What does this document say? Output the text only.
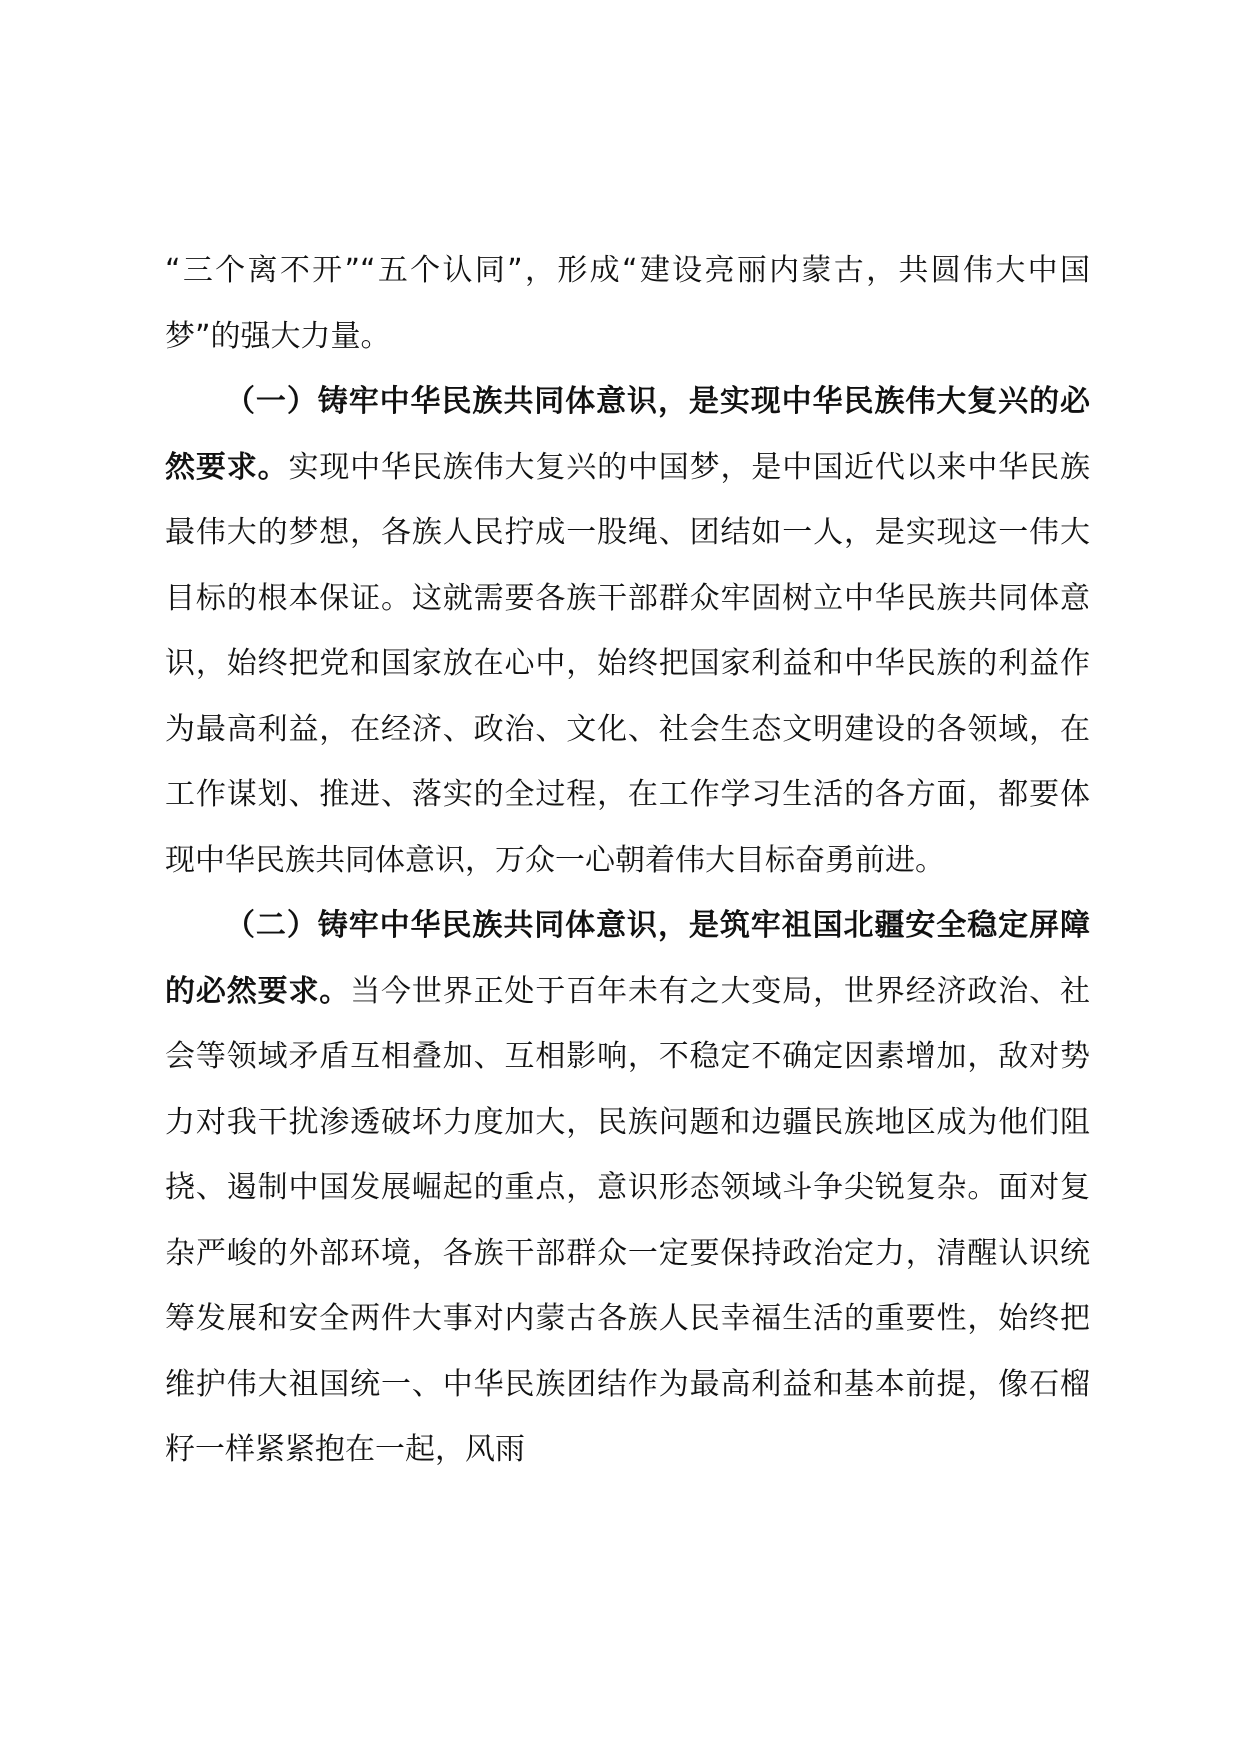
“三个离不开”“五个认同”，形成“建设亮丽内蒙古，共圆伟大中国梦”的强大力量。

（一）铸牢中华民族共同体意识，是实现中华民族伟大复兴的必然要求。实现中华民族伟大复兴的中国梦，是中国近代以来中华民族最伟大的梦想，各族人民拧成一股绳、团结如一人，是实现这一伟大目标的根本保证。这就需要各族干部群众牢固树立中华民族共同体意识，始终把党和国家放在心中，始终把国家利益和中华民族的利益作为最高利益，在经济、政治、文化、社会生态文明建设的各领域，在工作谋划、推进、落实的全过程，在工作学习生活的各方面，都要体现中华民族共同体意识，万众一心朝着伟大目标奋勇前进。

（二）铸牢中华民族共同体意识，是筑牢祖国北疆安全稳定屏障的必然要求。当今世界正处于百年未有之大变局，世界经济政治、社会等领域矛盾互相叠加、互相影响，不稳定不确定因素增加，敌对势力对我干扰渗透破坏力度加大，民族问题和边疆民族地区成为他们阻挠、遏制中国发展崛起的重点，意识形态领域斗争尖锐复杂。面对复杂严峻的外部环境，各族干部群众一定要保持政治定力，清醒认识统筹发展和安全两件大事对内蒙古各族人民幸福生活的重要性，始终把维护伟大祖国统一、中华民族团结作为最高利益和基本前提，像石榴籽一样紧紧抱在一起，风雨
